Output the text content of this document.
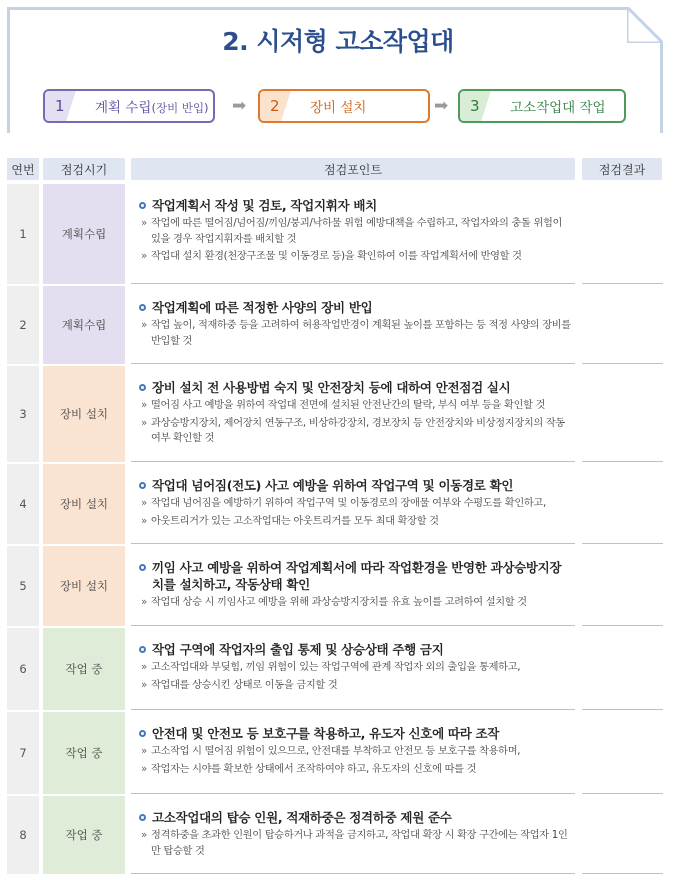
2. 시저형 고소작업대
1	계획 수립(장비 반입) ➡	2	장비 설치	➡	3	고소작업대 작업
연번	점검시기	점검포인트	점검결과
1	계획수립
작업계획서 작성 및 검토, 작업지휘자 배치
» 작업에 따른 떨어짐/넘어짐/끼임/붕괴/낙하물 위험 예방대책을 수립하고, 작업자와의 충돌 위험이 있을 경우 작업지휘자를 배치할 것
» 작업대 설치 환경(천장구조물 및 이동경로 등)을 확인하여 이를 작업계획서에 반영할 것
2	계획수립
작업계획에 따른 적정한 사양의 장비 반입
» 작업 높이, 적재하중 등을 고려하여 허용작업반경이 계획된 높이를 포함하는 등 적정 사양의 장비를 반입할 것
3	장비 설치
장비 설치 전 사용방법 숙지 및 안전장치 등에 대하여 안전점검 실시
» 떨어짐 사고 예방을 위하여 작업대 전면에 설치된 안전난간의 탈락, 부식 여부 등을 확인할 것
» 과상승방지장치, 제어장치 연동구조, 비상하강장치, 경보장치 등 안전장치와 비상정지장치의 작동 여부 확인할 것
4	장비 설치
작업대 넘어짐(전도) 사고 예방을 위하여 작업구역 및 이동경로 확인
» 작업대 넘어짐을 예방하기 위하여 작업구역 및 이동경로의 장애물 여부와 수평도를 확인하고,
» 아웃트리거가 있는 고소작업대는 아웃트리거를 모두 최대 확장할 것
5	장비 설치
끼임 사고 예방을 위하여 작업계획서에 따라 작업환경을 반영한 과상승방지장치를 설치하고, 작동상태 확인
» 작업대 상승 시 끼임사고 예방을 위해 과상승방지장치를 유효 높이를 고려하여 설치할 것
6	작업 중
작업 구역에 작업자의 출입 통제 및 상승상태 주행 금지
» 고소작업대와 부딪힘, 끼임 위험이 있는 작업구역에 관계 작업자 외의 출입을 통제하고,
» 작업대를 상승시킨 상태로 이동을 금지할 것
7	작업 중
안전대 및 안전모 등 보호구를 착용하고, 유도자 신호에 따라 조작
» 고소작업 시 떨어짐 위험이 있으므로, 안전대를 부착하고 안전모 등 보호구를 착용하며,
» 작업자는 시야를 확보한 상태에서 조작하여야 하고, 유도자의 신호에 따를 것
8	작업 중
고소작업대의 탑승 인원, 적재하중은 정격하중 제원 준수
» 정격하중을 초과한 인원이 탑승하거나 과적을 금지하고, 작업대 확장 시 확장 구간에는 작업자 1인만 탑승할 것
